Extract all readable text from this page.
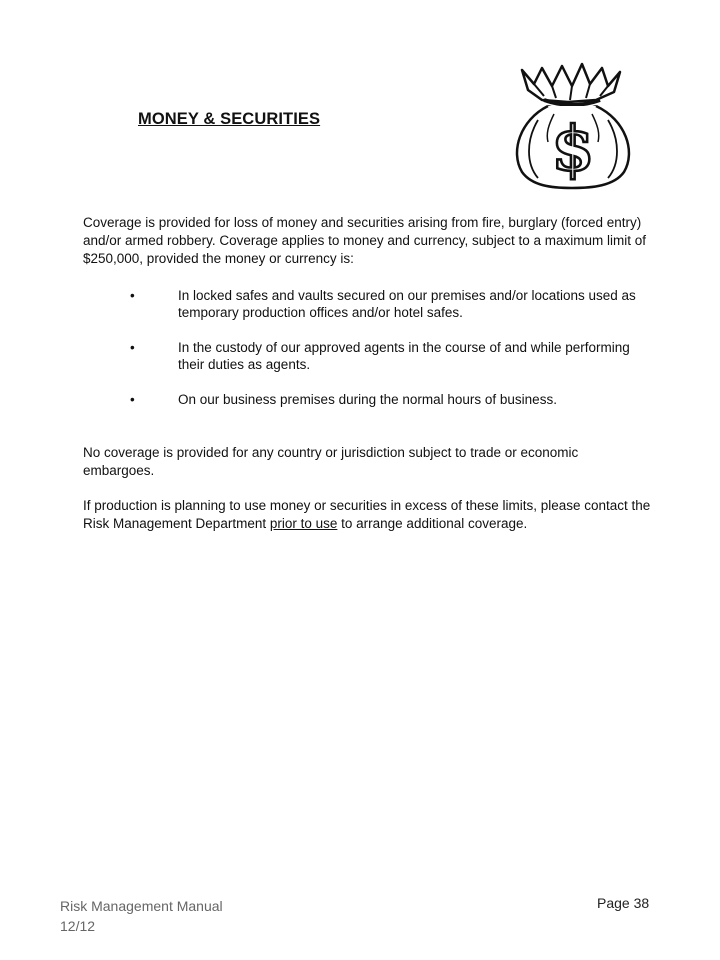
MONEY & SECURITIES	$

Coverage is provided for loss of money and securities arising from fire, burglary (forced entry) and/or armed robbery. Coverage applies to money and currency, subject to a maximum limit of $250,000, provided the money or currency is:

•	In locked safes and vaults secured on our premises and/or locations used as temporary production offices and/or hotel safes.
•	In the custody of our approved agents in the course of and while performing their duties as agents.
•	On our business premises during the normal hours of business.

No coverage is provided for any country or jurisdiction subject to trade or economic embargoes.

If production is planning to use money or securities in excess of these limits, please contact the Risk Management Department prior to use to arrange additional coverage.

Risk Management Manual
12/12
Page 38
